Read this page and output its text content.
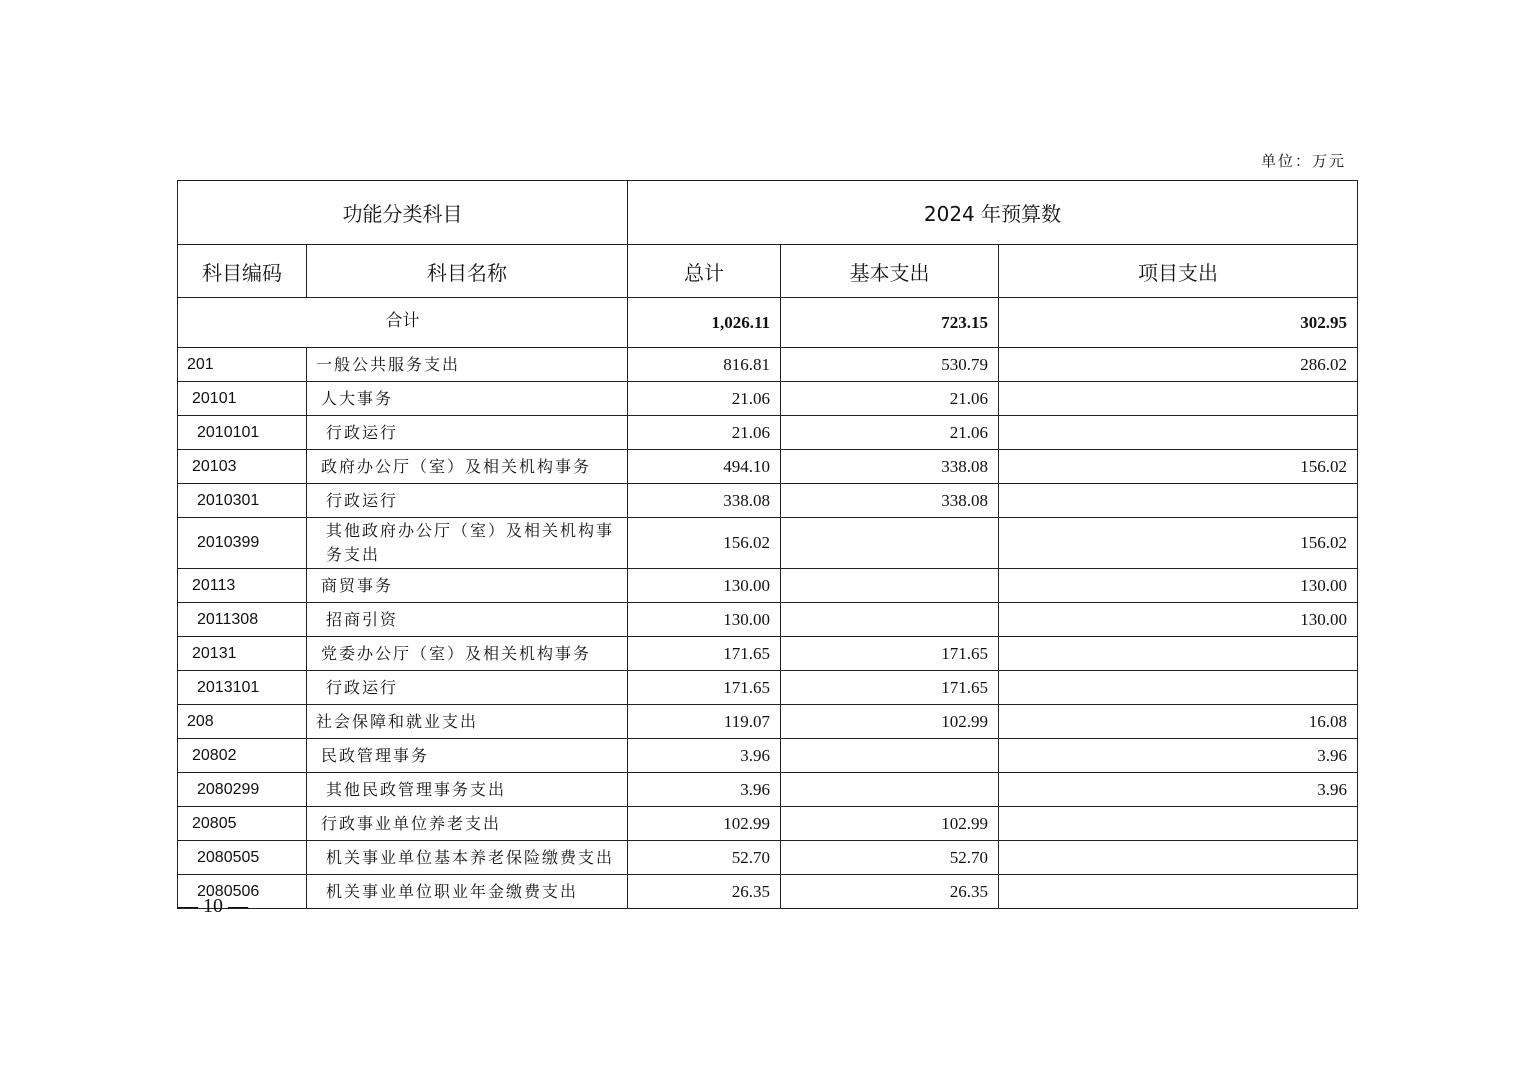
单位：万元
功能分类科目		2024 年预算数		
科目编码	科目名称	总计	基本支出	项目支出
合计		1,026.11	723.15	302.95
201	一般公共服务支出	816.81	530.79	286.02
20101	人大事务	21.06	21.06	
2010101	行政运行	21.06	21.06	
20103	政府办公厅（室）及相关机构事务	494.10	338.08	156.02
2010301	行政运行	338.08	338.08	
2010399	其他政府办公厅（室）及相关机构事务支出	156.02		156.02
20113	商贸事务	130.00		130.00
2011308	招商引资	130.00		130.00
20131	党委办公厅（室）及相关机构事务	171.65	171.65	
2013101	行政运行	171.65	171.65	
208	社会保障和就业支出	119.07	102.99	16.08
20802	民政管理事务	3.96		3.96
2080299	其他民政管理事务支出	3.96		3.96
20805	行政事业单位养老支出	102.99	102.99	
2080505	机关事业单位基本养老保险缴费支出	52.70	52.70	
2080506	机关事业单位职业年金缴费支出	26.35	26.35	
— 10 —
